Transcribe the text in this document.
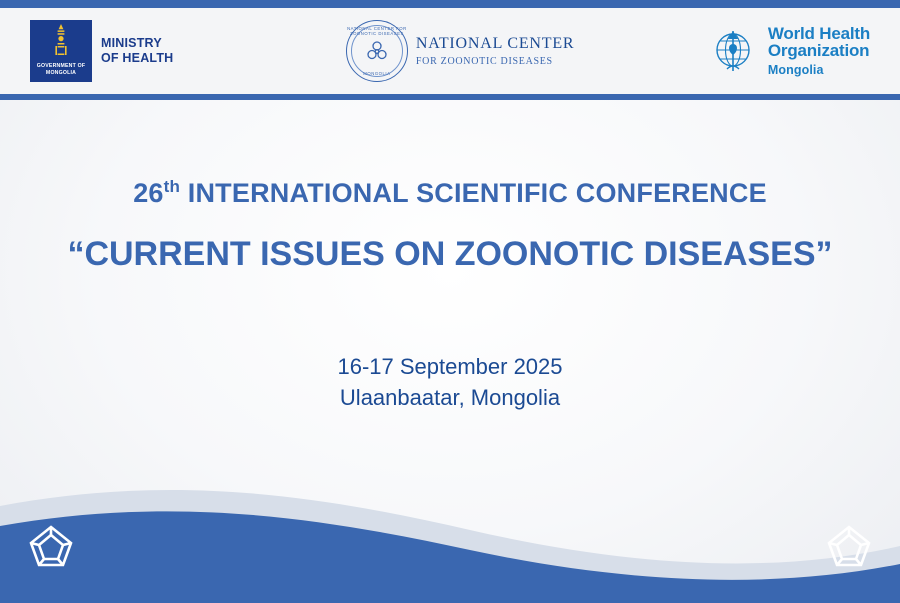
GOVERNMENT OF
MONGOLIA
MINISTRY
OF HEALTH
NATIONAL CENTER FOR ZOONOTIC DISEASES
MONGOLIA
NATIONAL CENTER
FOR ZOONOTIC DISEASES
World Health
Organization
Mongolia
26th INTERNATIONAL SCIENTIFIC CONFERENCE
“CURRENT ISSUES ON ZOONOTIC DISEASES”
16-17 September 2025
Ulaanbaatar, Mongolia
